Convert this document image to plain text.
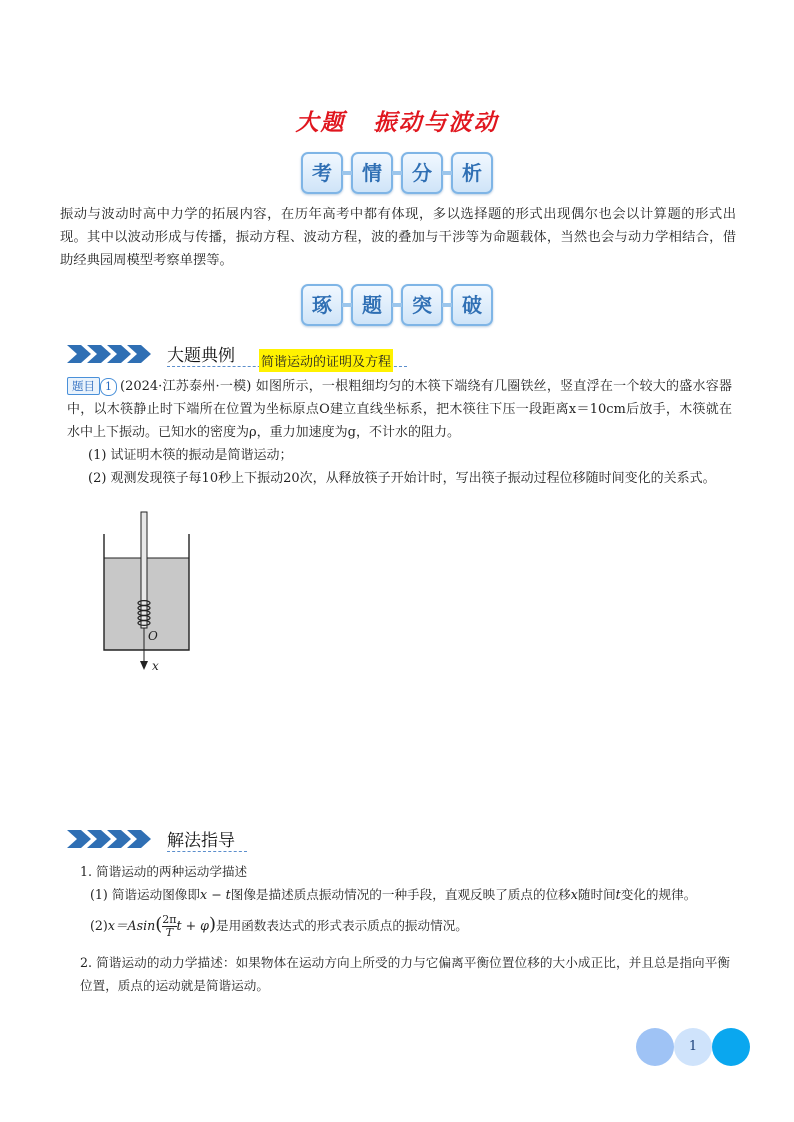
大题 振动与波动
考 情 分 析
振动与波动时高中力学的拓展内容，在历年高考中都有体现，多以选择题的形式出现偶尔也会以计算题的形式出现。其中以波动形成与传播，振动方程、波动方程，波的叠加与干涉等为命题载体，当然也会与动力学相结合，借助经典园周模型考察单摆等。
琢 题 突 破
大题典例 简谐运动的证明及方程
题目 1 (2024·江苏泰州·一模) 如图所示，一根粗细均匀的木筷下端绕有几圈铁丝，竖直浮在一个较大的盛水容器中，以木筷静止时下端所在位置为坐标原点O建立直线坐标系，把木筷往下压一段距离x＝10cm后放手，木筷就在水中上下振动。已知水的密度为ρ，重力加速度为g，不计水的阻力。
(1) 试证明木筷的振动是简谐运动；
(2) 观测发现筷子每10秒上下振动20次，从释放筷子开始计时，写出筷子振动过程位移随时间变化的关系式。
O
x
解法指导
1. 简谐运动的两种运动学描述
(1) 简谐运动图像即x − t图像是描述质点振动情况的一种手段，直观反映了质点的位移x随时间t变化的规律。
$(2)x=Asin( \frac{2\pi}{T}$ t + φ)是用函数表达式的形式表示质点的振动情况。
2. 简谐运动的动力学描述：如果物体在运动方向上所受的力与它偏离平衡位置位移的大小成正比，并且总是指向平衡位置，质点的运动就是简谐运动。
1
